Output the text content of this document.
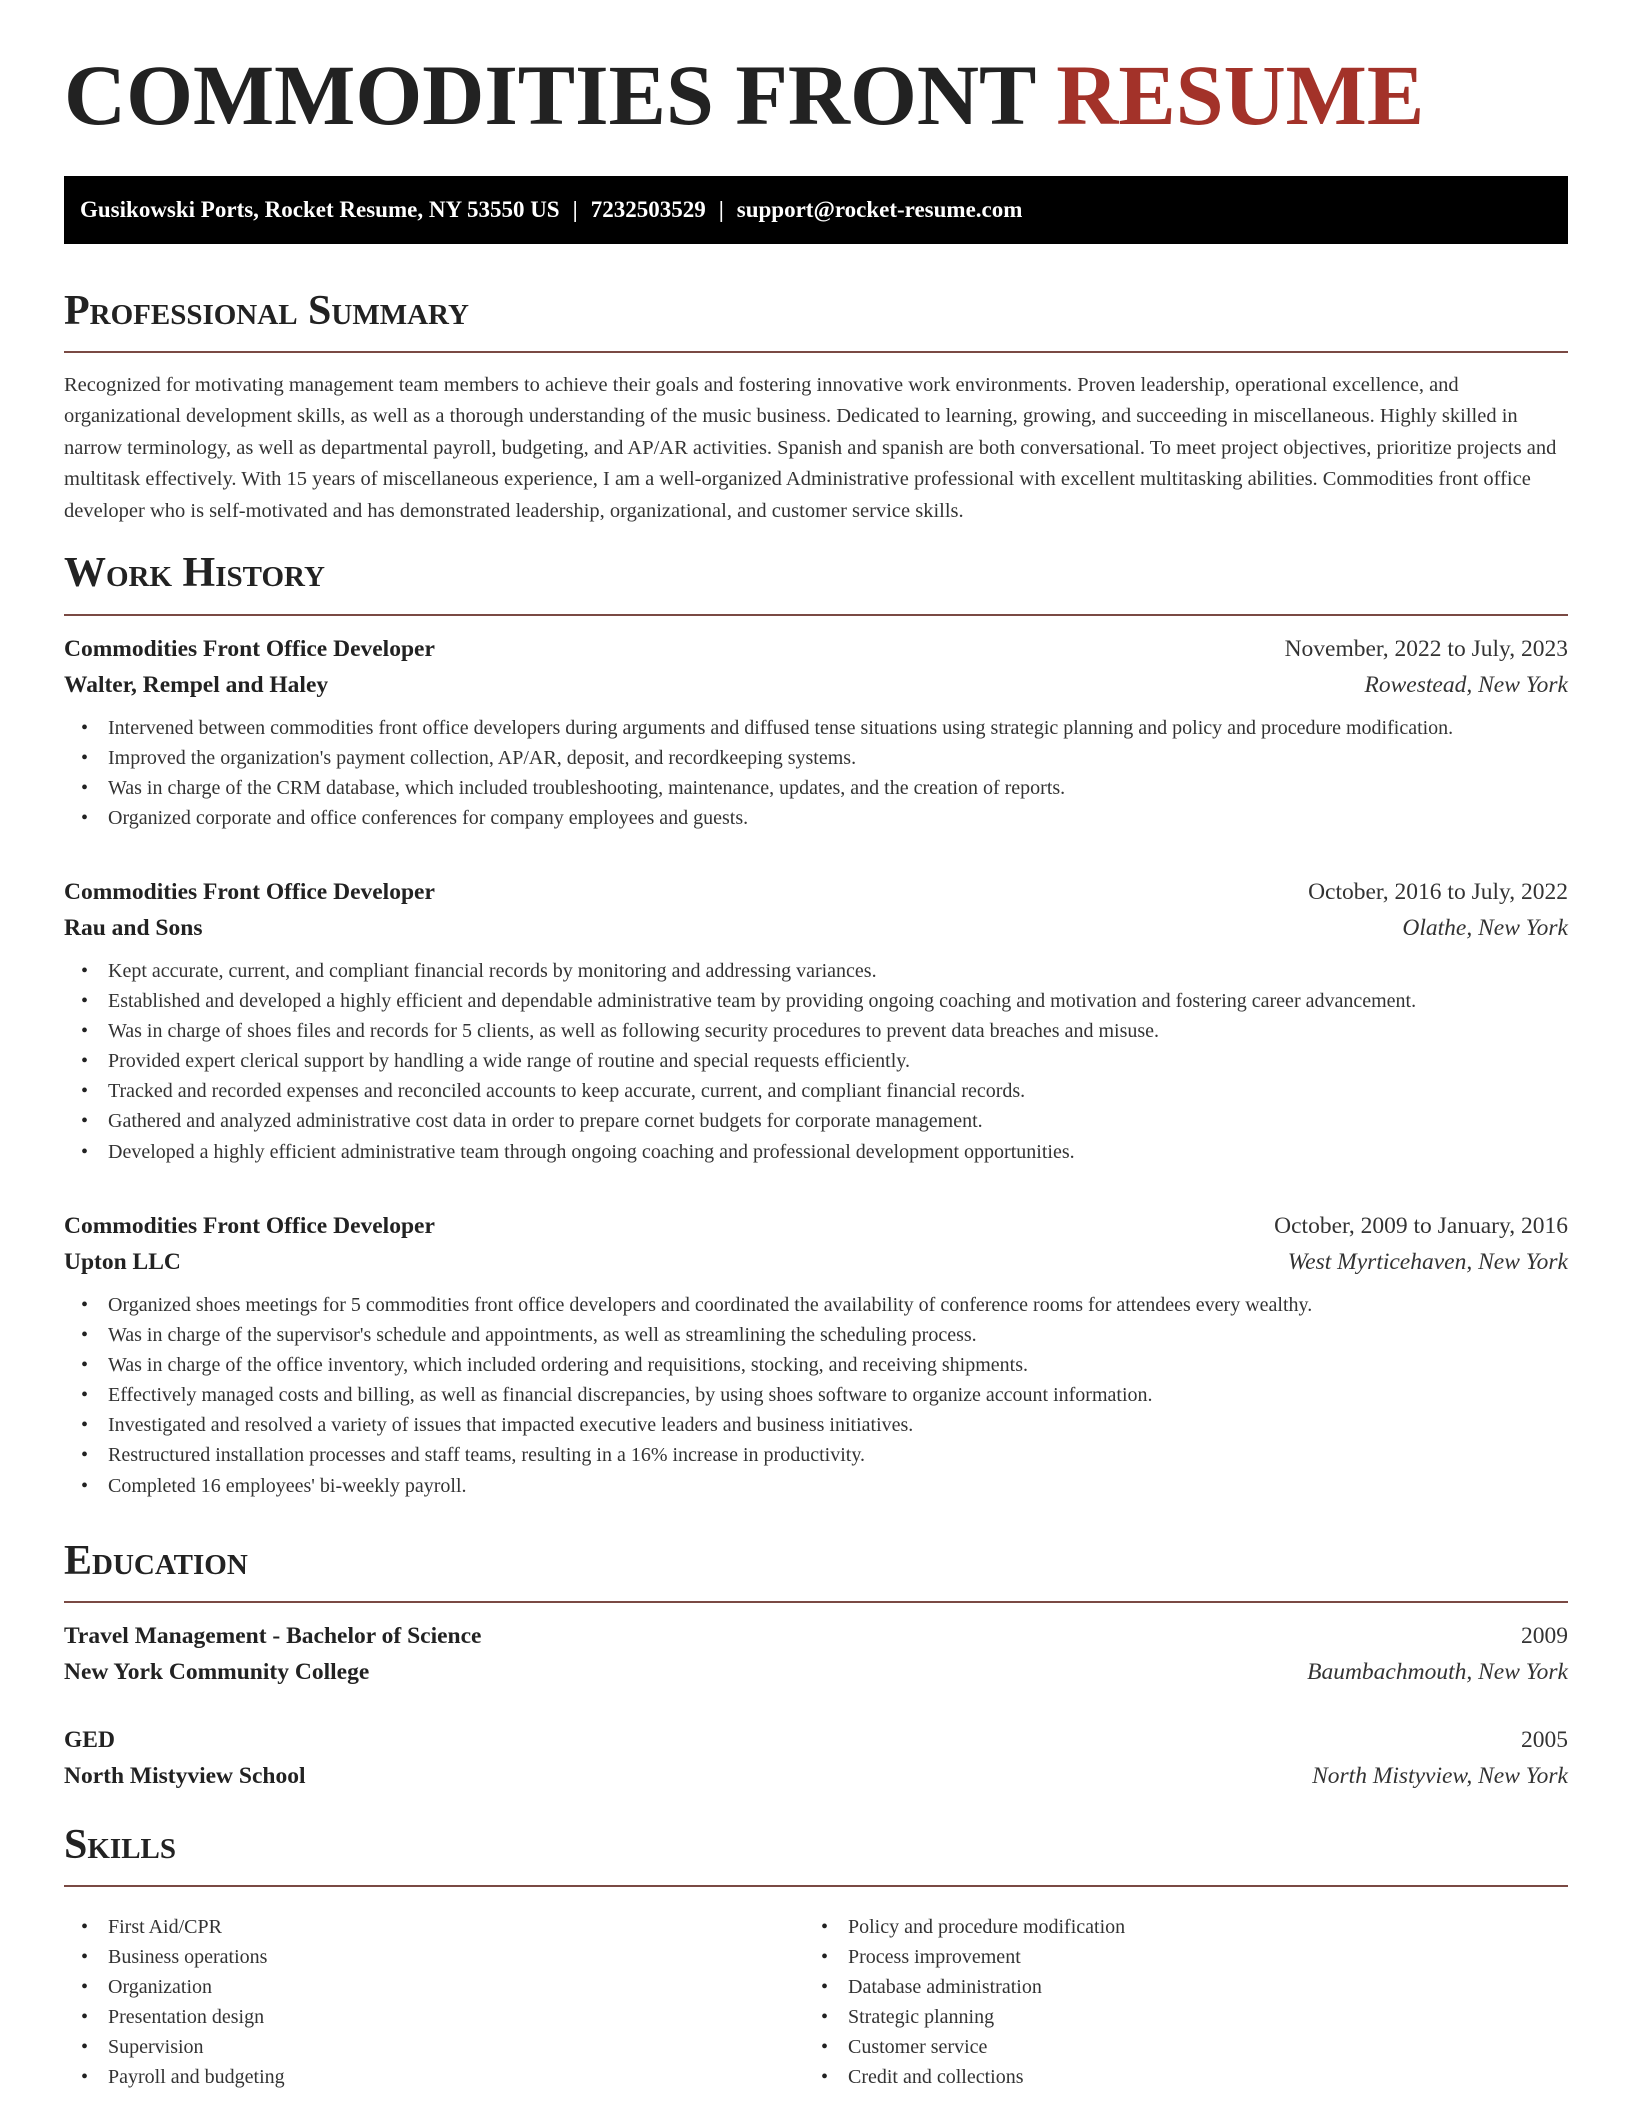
COMMODITIES FRONT RESUME
Gusikowski Ports, Rocket Resume, NY 53550 US | 7232503529 | support@rocket-resume.com
Professional Summary

Recognized for motivating management team members to achieve their goals and fostering innovative work environments. Proven leadership, operational excellence, and organizational development skills, as well as a thorough understanding of the music business. Dedicated to learning, growing, and succeeding in miscellaneous. Highly skilled in narrow terminology, as well as departmental payroll, budgeting, and AP/AR activities. Spanish and spanish are both conversational. To meet project objectives, prioritize projects and multitask effectively. With 15 years of miscellaneous experience, I am a well-organized Administrative professional with excellent multitasking abilities. Commodities front office developer who is self-motivated and has demonstrated leadership, organizational, and customer service skills.

Work History
Commodities Front Office Developer	November, 2022 to July, 2023
Walter, Rempel and Haley	Rowestead, New York
• Intervened between commodities front office developers during arguments and diffused tense situations using strategic planning and policy and procedure modification.
• Improved the organization's payment collection, AP/AR, deposit, and recordkeeping systems.
• Was in charge of the CRM database, which included troubleshooting, maintenance, updates, and the creation of reports.
• Organized corporate and office conferences for company employees and guests.
Commodities Front Office Developer	October, 2016 to July, 2022
Rau and Sons	Olathe, New York
• Kept accurate, current, and compliant financial records by monitoring and addressing variances.
• Established and developed a highly efficient and dependable administrative team by providing ongoing coaching and motivation and fostering career advancement.
• Was in charge of shoes files and records for 5 clients, as well as following security procedures to prevent data breaches and misuse.
• Provided expert clerical support by handling a wide range of routine and special requests efficiently.
• Tracked and recorded expenses and reconciled accounts to keep accurate, current, and compliant financial records.
• Gathered and analyzed administrative cost data in order to prepare cornet budgets for corporate management.
• Developed a highly efficient administrative team through ongoing coaching and professional development opportunities.
Commodities Front Office Developer	October, 2009 to January, 2016
Upton LLC	West Myrticehaven, New York
• Organized shoes meetings for 5 commodities front office developers and coordinated the availability of conference rooms for attendees every wealthy.
• Was in charge of the supervisor's schedule and appointments, as well as streamlining the scheduling process.
• Was in charge of the office inventory, which included ordering and requisitions, stocking, and receiving shipments.
• Effectively managed costs and billing, as well as financial discrepancies, by using shoes software to organize account information.
• Investigated and resolved a variety of issues that impacted executive leaders and business initiatives.
• Restructured installation processes and staff teams, resulting in a 16% increase in productivity.
• Completed 16 employees' bi-weekly payroll.
Education
Travel Management - Bachelor of Science	2009
New York Community College	Baumbachmouth, New York
GED	2005
North Mistyview School	North Mistyview, New York
Skills
• First Aid/CPR
• Business operations
• Organization
• Presentation design
• Supervision
• Payroll and budgeting
• Policy and procedure modification
• Process improvement
• Database administration
• Strategic planning
• Customer service
• Credit and collections
